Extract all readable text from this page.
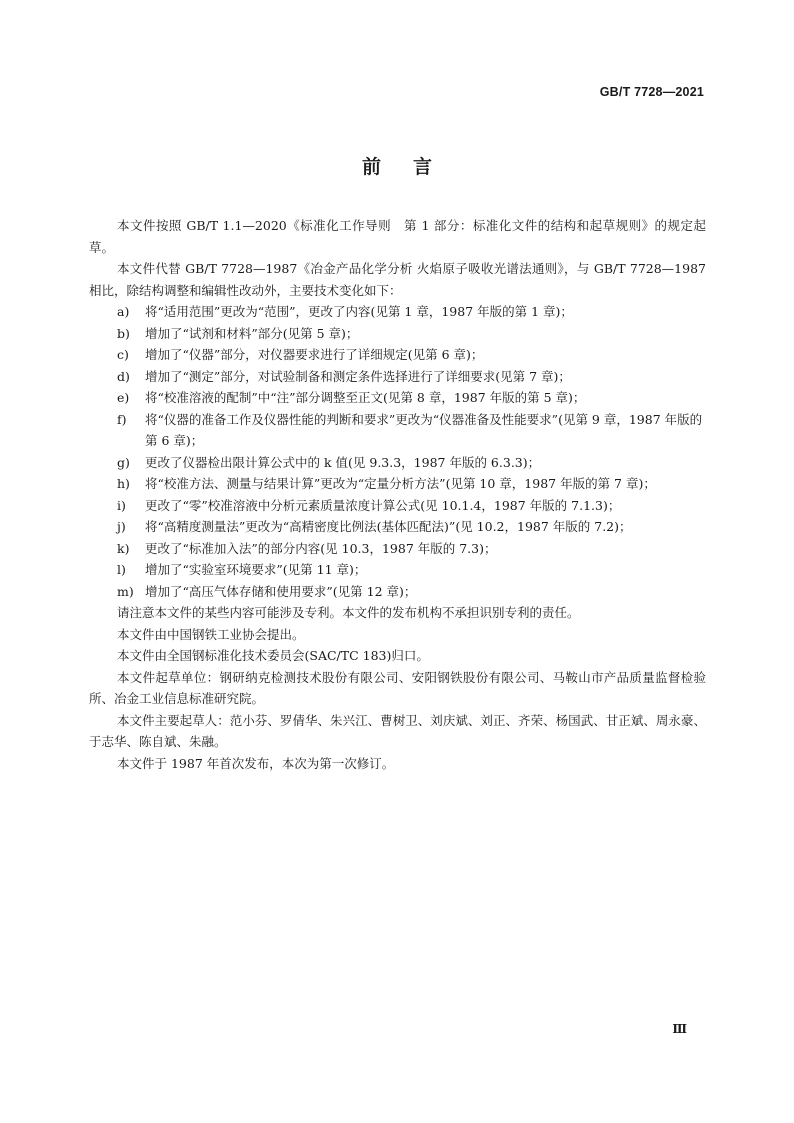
GB/T 7728—2021
前言

本文件按照 GB/T 1.1—2020《标准化工作导则　第 1 部分：标准化文件的结构和起草规则》的规定起草。

本文件代替 GB/T 7728—1987《冶金产品化学分析 火焰原子吸收光谱法通则》，与 GB/T 7728—1987 相比，除结构调整和编辑性改动外，主要技术变化如下：

a)	将“适用范围”更改为“范围”，更改了内容(见第 1 章，1987 年版的第 1 章)；

b)	增加了“试剂和材料”部分(见第 5 章)；

c)	增加了“仪器”部分，对仪器要求进行了详细规定(见第 6 章)；

d)	增加了“测定”部分，对试验制备和测定条件选择进行了详细要求(见第 7 章)；

e)	将“校准溶液的配制”中“注”部分调整至正文(见第 8 章，1987 年版的第 5 章)；

f)	将“仪器的准备工作及仪器性能的判断和要求”更改为“仪器准备及性能要求”(见第 9 章，1987 年版的第 6 章)；

g)	更改了仪器检出限计算公式中的 k 值(见 9.3.3，1987 年版的 6.3.3)；

h)	将“校准方法、测量与结果计算”更改为“定量分析方法”(见第 10 章，1987 年版的第 7 章)；

i)	更改了“零”校准溶液中分析元素质量浓度计算公式(见 10.1.4，1987 年版的 7.1.3)；

j)	将“高精度测量法”更改为“高精密度比例法(基体匹配法)”(见 10.2，1987 年版的 7.2)；

k)	更改了“标准加入法”的部分内容(见 10.3，1987 年版的 7.3)；

l)	增加了“实验室环境要求”(见第 11 章)；

m) 增加了“高压气体存储和使用要求”(见第 12 章)；

请注意本文件的某些内容可能涉及专利。本文件的发布机构不承担识别专利的责任。

本文件由中国钢铁工业协会提出。

本文件由全国钢标准化技术委员会(SAC/TC 183)归口。

本文件起草单位：钢研纳克检测技术股份有限公司、安阳钢铁股份有限公司、马鞍山市产品质量监督检验所、冶金工业信息标准研究院。

本文件主要起草人：范小芬、罗倩华、朱兴江、曹树卫、刘庆斌、刘正、齐荣、杨国武、甘正斌、周永豪、于志华、陈自斌、朱融。

本文件于 1987 年首次发布，本次为第一次修订。

Ⅲ
